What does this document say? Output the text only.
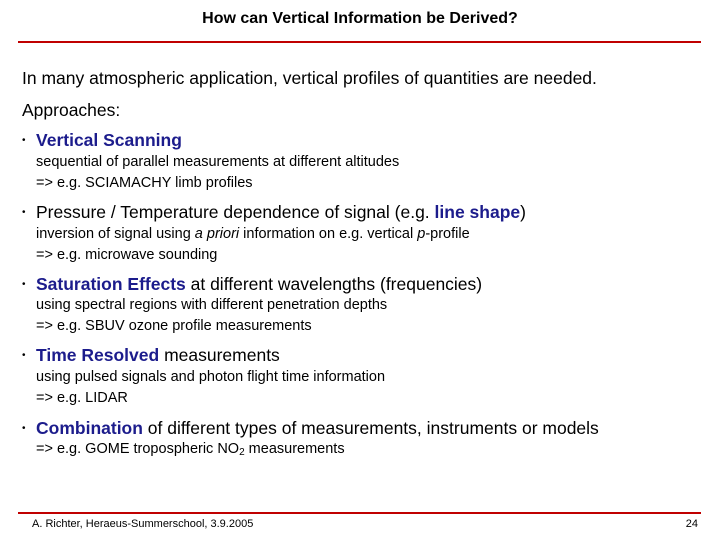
How can Vertical Information be Derived?
In many atmospheric application, vertical profiles of quantities are needed.
Approaches:
• Vertical Scanning
sequential of parallel measurements at different altitudes
=> e.g. SCIAMACHY limb profiles
• Pressure / Temperature dependence of signal (e.g. line shape)
inversion of signal using a priori information on e.g. vertical p-profile
=> e.g. microwave sounding
• Saturation Effects at different wavelengths (frequencies)
using spectral regions with different penetration depths
=> e.g. SBUV ozone profile measurements
• Time Resolved measurements
using pulsed signals and photon flight time information
=> e.g. LIDAR
• Combination of different types of measurements, instruments or models
=> e.g. GOME tropospheric $NO_2$ measurements
A. Richter, Heraeus-Summerschool, 3.9.2005	24
